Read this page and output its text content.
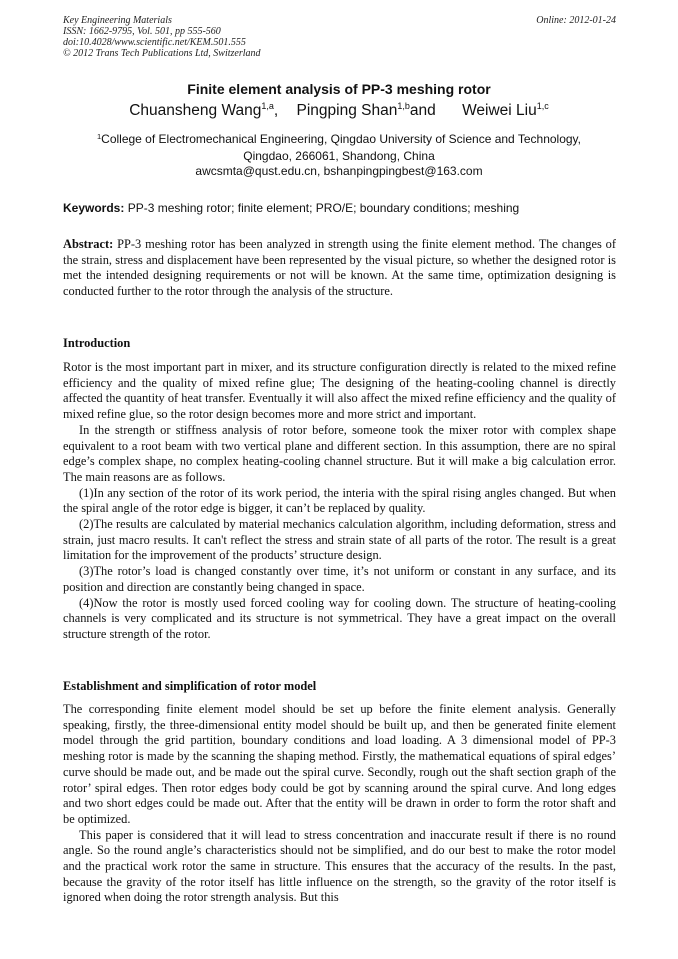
Key Engineering Materials
ISSN: 1662-9795, Vol. 501, pp 555-560
doi:10.4028/www.scientific.net/KEM.501.555
© 2012 Trans Tech Publications Ltd, Switzerland
Online: 2012-01-24
Finite element analysis of PP-3 meshing rotor
Chuansheng Wang$^{1,a}$, Pingping Shan$^{1,b}$and Weiwei Liu$^{1,c}$
$^1$College of Electromechanical Engineering, Qingdao University of Science and Technology,
Qingdao, 266061, Shandong, China
awcsmta@qust.edu.cn, bshanpingpingbest@163.com
Keywords: PP-3 meshing rotor; finite element; PRO/E; boundary conditions; meshing
Abstract: PP-3 meshing rotor has been analyzed in strength using the finite element method. The changes of the strain, stress and displacement have been represented by the visual picture, so whether the designed rotor is met the intended designing requirements or not will be known. At the same time, optimization designing is conducted further to the rotor through the analysis of the structure.
Introduction

Rotor is the most important part in mixer, and its structure configuration directly is related to the mixed refine efficiency and the quality of mixed refine glue; The designing of the heating-cooling channel is directly affected the quantity of heat transfer. Eventually it will also affect the mixed refine efficiency and the quality of mixed refine glue, so the rotor design becomes more and more strict and important.

In the strength or stiffness analysis of rotor before, someone took the mixer rotor with complex shape equivalent to a root beam with two vertical plane and different section. In this assumption, there are no spiral edge’s complex shape, no complex heating-cooling channel structure. But it will make a big calculation error. The main reasons are as follows.

(1)In any section of the rotor of its work period, the interia with the spiral rising angles changed. But when the spiral angle of the rotor edge is bigger, it can’t be replaced by quality.

(2)The results are calculated by material mechanics calculation algorithm, including deformation, stress and strain, just macro results. It can't reflect the stress and strain state of all parts of the rotor. The result is a great limitation for the improvement of the products’ structure design.

(3)The rotor’s load is changed constantly over time, it’s not uniform or constant in any surface, and its position and direction are constantly being changed in space.

(4)Now the rotor is mostly used forced cooling way for cooling down. The structure of heating-cooling channels is very complicated and its structure is not symmetrical. They have a great impact on the overall structure strength of the rotor.

Establishment and simplification of rotor model

The corresponding finite element model should be set up before the finite element analysis. Generally speaking, firstly, the three-dimensional entity model should be built up, and then be generated finite element model through the grid partition, boundary conditions and load loading. A 3 dimensional model of PP-3 meshing rotor is made by the scanning the shaping method. Firstly, the mathematical equations of spiral edges’ curve should be made out, and be made out the spiral curve. Secondly, rough out the shaft section graph of the rotor’ spiral edges. Then rotor edges body could be got by scanning around the spiral curve. And long edges and two short edges could be made out. After that the entity will be drawn in order to form the rotor shaft and be optimized.

This paper is considered that it will lead to stress concentration and inaccurate result if there is no round angle. So the round angle’s characteristics should not be simplified, and do our best to make the rotor model and the practical work rotor the same in structure. This ensures that the accuracy of the results. In the past, because the gravity of the rotor itself has little influence on the strength, so the gravity of the rotor itself is ignored when doing the rotor strength analysis. But this
